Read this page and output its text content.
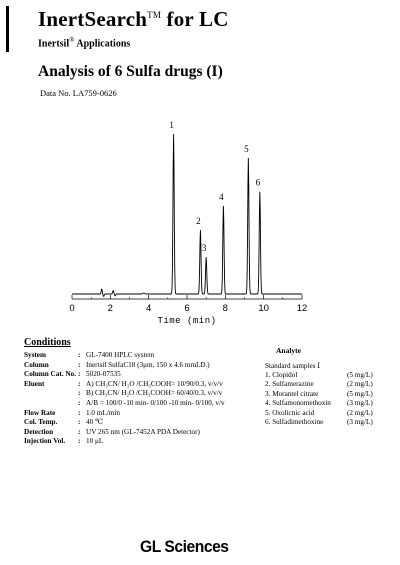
InertSearch™ for LC
Inertsil® Applications
Analysis of 6 Sulfa drugs (I)
Data No. LA759-0626
0	2	4	6	8	10	12
Time (min)
1
2
3
4
5
6
Conditions
System	:	GL-7400 HPLC system
Column	:	Inertsil SulfaC18 (3μm, 150 x 4.6 mmI.D.)
Column Cat. No.	:	5020-07535
Eluent	:	A) CH₃CN/ H₂O /CH₃COOH= 10/90/0.3, v/v/v
	:	B) CH₃CN/ H₂O /CH₃COOH= 60/40/0.3, v/v/v
	:	A/B = 100/0 -10 min- 0/100 -10 min- 0/100, v/v
Flow Rate	:	1.0 mL/min
Col. Temp.	:	40 ℃
Detection	:	UV 265 nm (GL-7452A PDA Detector)
Injection Vol.	:	10 μL
Analyte
Standard samples Ⅰ
1. Clopidol	(5 mg/L)
2. Sulfamerazine	(2 mg/L)
3. Morantel citrate	(5 mg/L)
4. Sulfamonomethoxin (3 mg/L)
5. Oxolicnic acid	(2 mg/L)
6. Sulfadimethoxine	(3 mg/L)
GL Sciences
